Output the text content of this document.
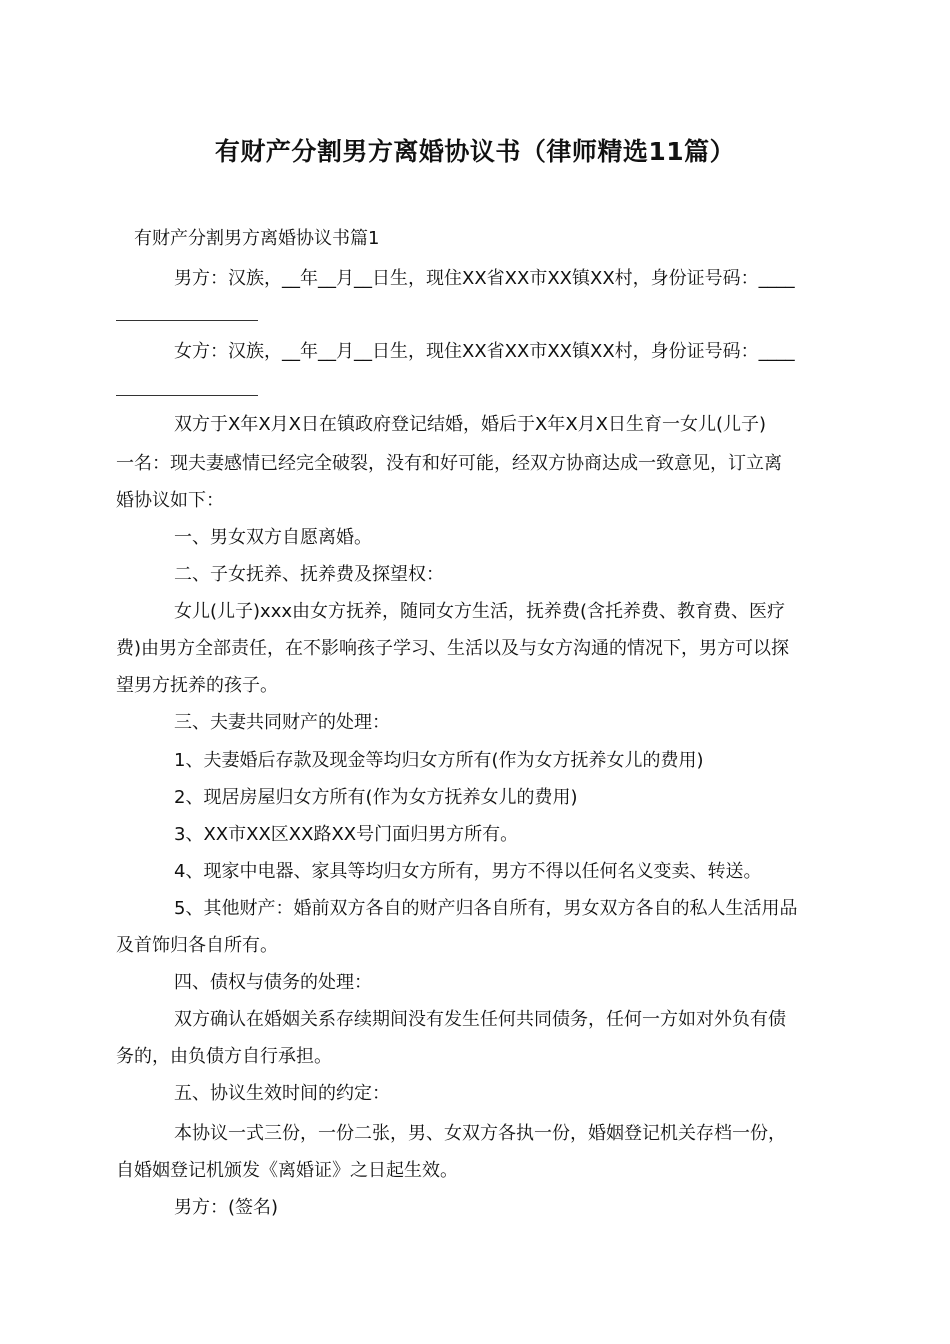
有财产分割男方离婚协议书（律师精选11篇）
有财产分割男方离婚协议书篇1
男方：汉族，__年__月__日生，现住XX省XX市XX镇XX村，身份证号码：____
女方：汉族，__年__月__日生，现住XX省XX市XX镇XX村，身份证号码：____
双方于X年X月X日在镇政府登记结婚，婚后于X年X月X日生育一女儿(儿子)
一名：现夫妻感情已经完全破裂，没有和好可能，经双方协商达成一致意见，订立离
婚协议如下：
一、男女双方自愿离婚。
二、子女抚养、抚养费及探望权：
女儿(儿子)xxx由女方抚养，随同女方生活，抚养费(含托养费、教育费、医疗
费)由男方全部责任，在不影响孩子学习、生活以及与女方沟通的情况下，男方可以探
望男方抚养的孩子。
三、夫妻共同财产的处理：
1、夫妻婚后存款及现金等均归女方所有(作为女方抚养女儿的费用)
2、现居房屋归女方所有(作为女方抚养女儿的费用)
3、XX市XX区XX路XX号门面归男方所有。
4、现家中电器、家具等均归女方所有，男方不得以任何名义变卖、转送。
5、其他财产：婚前双方各自的财产归各自所有，男女双方各自的私人生活用品
及首饰归各自所有。
四、债权与债务的处理：
双方确认在婚姻关系存续期间没有发生任何共同债务，任何一方如对外负有债
务的，由负债方自行承担。
五、协议生效时间的约定：
本协议一式三份，一份二张，男、女双方各执一份，婚姻登记机关存档一份，
自婚姻登记机颁发《离婚证》之日起生效。
男方：(签名)
